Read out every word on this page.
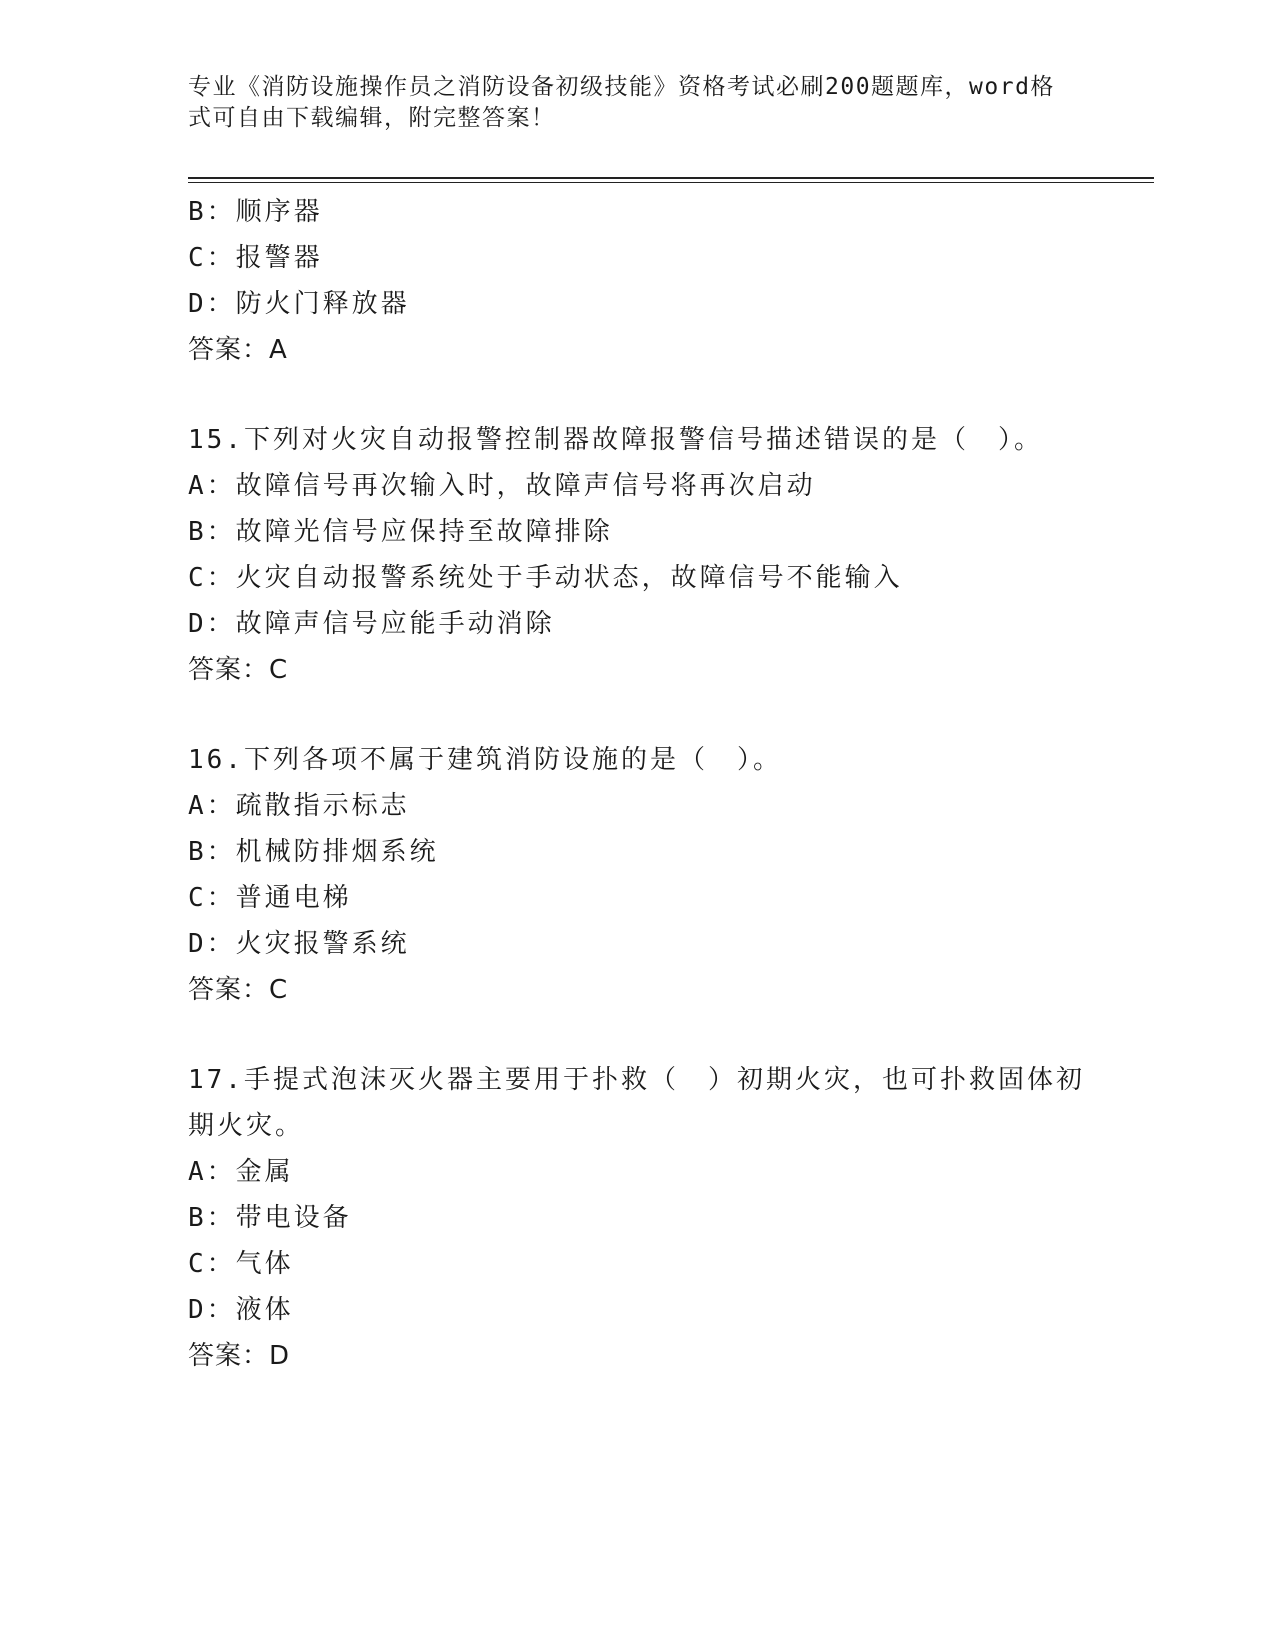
专业《消防设施操作员之消防设备初级技能》资格考试必刷200题题库，word格
式可自由下载编辑，附完整答案！
B：顺序器
C：报警器
D：防火门释放器
答案：A
15.下列对火灾自动报警控制器故障报警信号描述错误的是（　）。
A：故障信号再次输入时，故障声信号将再次启动
B：故障光信号应保持至故障排除
C：火灾自动报警系统处于手动状态，故障信号不能输入
D：故障声信号应能手动消除
答案：C
16.下列各项不属于建筑消防设施的是（　）。
A：疏散指示标志
B：机械防排烟系统
C：普通电梯
D：火灾报警系统
答案：C
17.手提式泡沫灭火器主要用于扑救（　）初期火灾，也可扑救固体初
期火灾。
A：金属
B：带电设备
C：气体
D：液体
答案：D
